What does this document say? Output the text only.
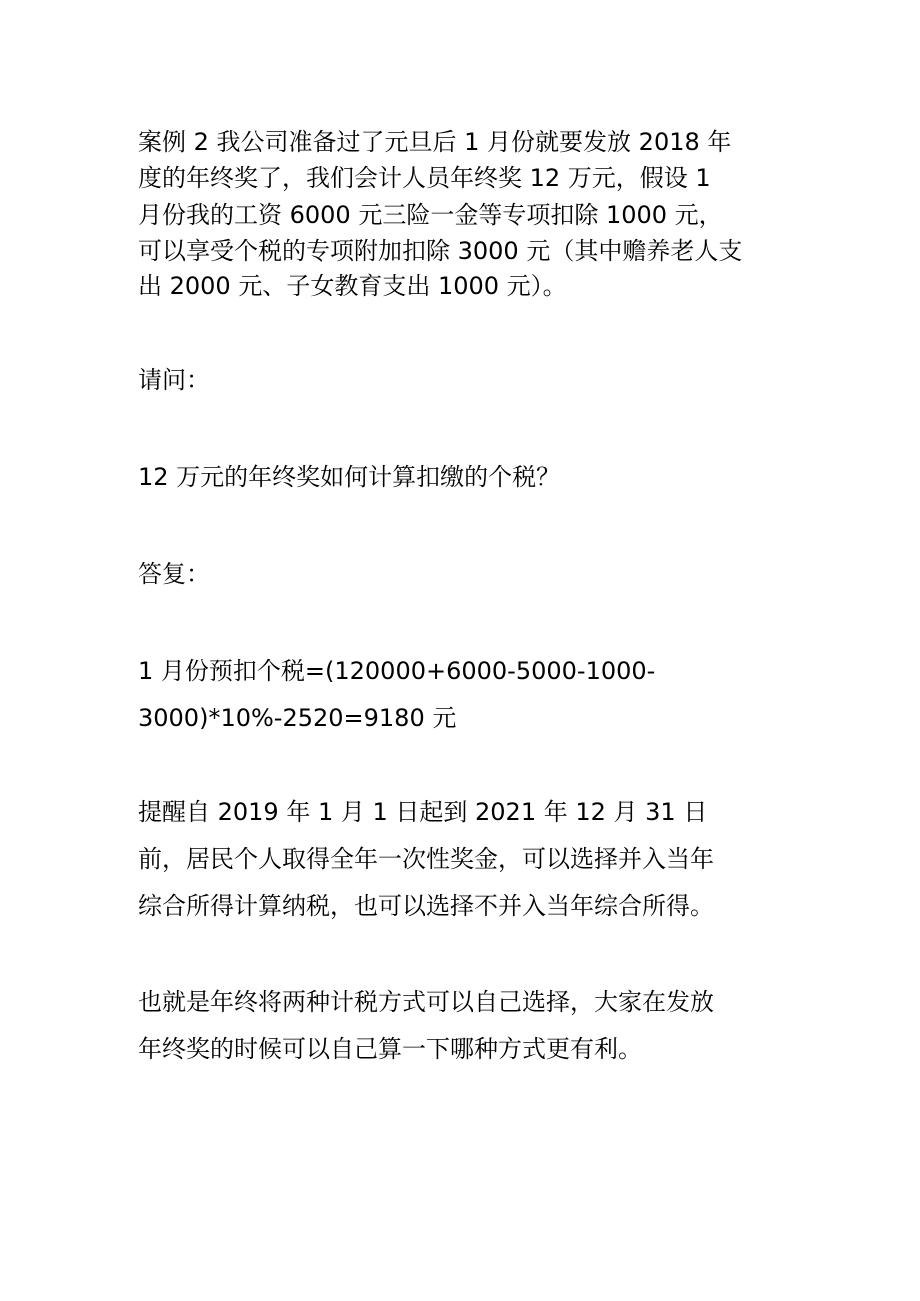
案例 2 我公司准备过了元旦后 1 月份就要发放 2018 年
度的年终奖了，我们会计人员年终奖 12 万元，假设 1
月份我的工资 6000 元三险一金等专项扣除 1000 元，
可以享受个税的专项附加扣除 3000 元（其中赡养老人支
出 2000 元、子女教育支出 1000 元）。
请问：
12 万元的年终奖如何计算扣缴的个税？
答复：
1 月份预扣个税=(120000+6000-5000-1000-
3000)*10%-2520=9180 元
提醒自 2019 年 1 月 1 日起到 2021 年 12 月 31 日
前，居民个人取得全年一次性奖金，可以选择并入当年
综合所得计算纳税，也可以选择不并入当年综合所得。
也就是年终将两种计税方式可以自己选择，大家在发放
年终奖的时候可以自己算一下哪种方式更有利。
